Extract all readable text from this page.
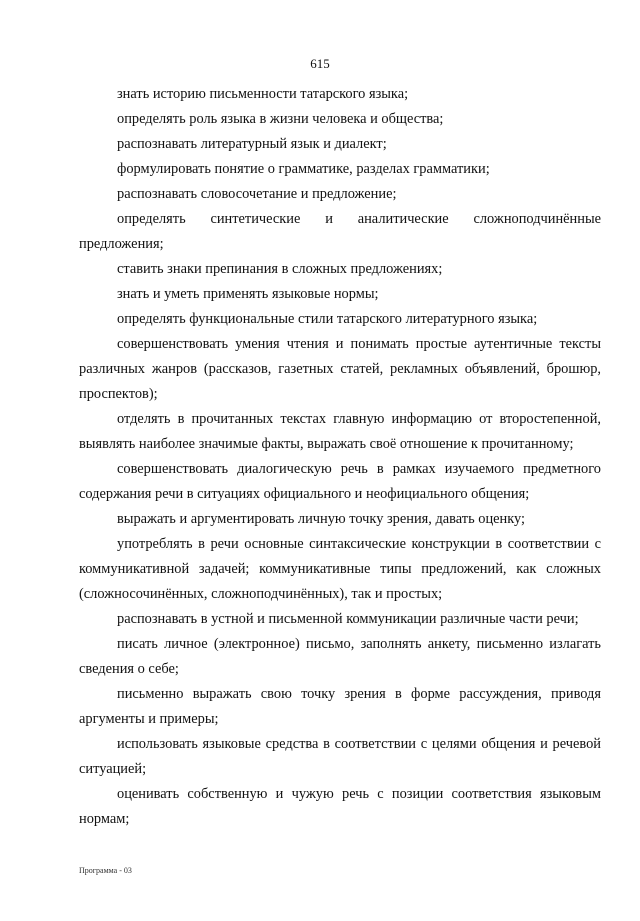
615

знать историю письменности татарского языка;

определять роль языка в жизни человека и общества;

распознавать литературный язык и диалект;

формулировать понятие о грамматике, разделах грамматики;

распознавать словосочетание и предложение;

определять синтетические и аналитические сложноподчинённые предложения;

ставить знаки препинания в сложных предложениях;

знать и уметь применять языковые нормы;

определять функциональные стили татарского литературного языка;

совершенствовать умения чтения и понимать простые аутентичные тексты различных жанров (рассказов, газетных статей, рекламных объявлений, брошюр, проспектов);

отделять в прочитанных текстах главную информацию от второстепенной, выявлять наиболее значимые факты, выражать своё отношение к прочитанному;

совершенствовать диалогическую речь в рамках изучаемого предметного содержания речи в ситуациях официального и неофициального общения;

выражать и аргументировать личную точку зрения, давать оценку;

употреблять в речи основные синтаксические конструкции в соответствии с коммуникативной задачей; коммуникативные типы предложений, как сложных (сложносочинённых, сложноподчинённых), так и простых;

распознавать в устной и письменной коммуникации различные части речи;

писать личное (электронное) письмо, заполнять анкету, письменно излагать сведения о себе;

письменно выражать свою точку зрения в форме рассуждения, приводя аргументы и примеры;

использовать языковые средства в соответствии с целями общения и речевой ситуацией;

оценивать собственную и чужую речь с позиции соответствия языковым нормам;

Программа - 03
